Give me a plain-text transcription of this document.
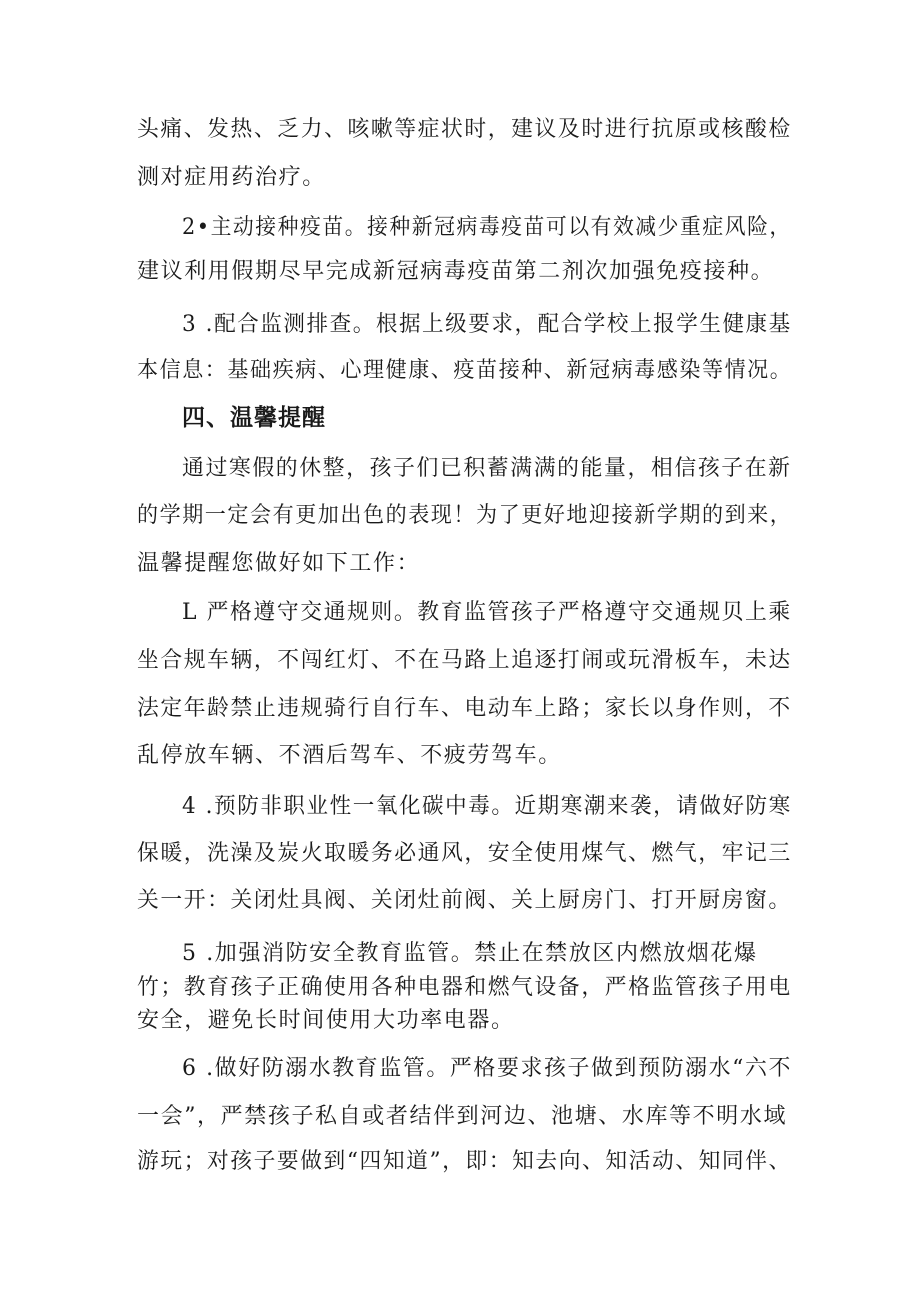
头痛、发热、乏力、咳嗽等症状时，建议及时进行抗原或核酸检
测对症用药治疗。
2•主动接种疫苗。接种新冠病毒疫苗可以有效减少重症风险，
建议利用假期尽早完成新冠病毒疫苗第二剂次加强免疫接种。
3 .配合监测排查。根据上级要求，配合学校上报学生健康基
本信息：基础疾病、心理健康、疫苗接种、新冠病毒感染等情况。
四、温馨提醒
通过寒假的休整，孩子们已积蓄满满的能量，相信孩子在新
的学期一定会有更加出色的表现！为了更好地迎接新学期的到来，
温馨提醒您做好如下工作：
L 严格遵守交通规则。教育监管孩子严格遵守交通规贝上乘
坐合规车辆，不闯红灯、不在马路上追逐打闹或玩滑板车，未达
法定年龄禁止违规骑行自行车、电动车上路；家长以身作则，不
乱停放车辆、不酒后驾车、不疲劳驾车。
4 .预防非职业性一氧化碳中毒。近期寒潮来袭，请做好防寒
保暖，洗澡及炭火取暖务必通风，安全使用煤气、燃气，牢记三
关一开：关闭灶具阀、关闭灶前阀、关上厨房门、打开厨房窗。
5 .加强消防安全教育监管。禁止在禁放区内燃放烟花爆
竹；教育孩子正确使用各种电器和燃气设备，严格监管孩子用电
安全，避免长时间使用大功率电器。
6 .做好防溺水教育监管。严格要求孩子做到预防溺水“六不
一会”，严禁孩子私自或者结伴到河边、池塘、水库等不明水域
游玩；对孩子要做到“四知道”，即：知去向、知活动、知同伴、
